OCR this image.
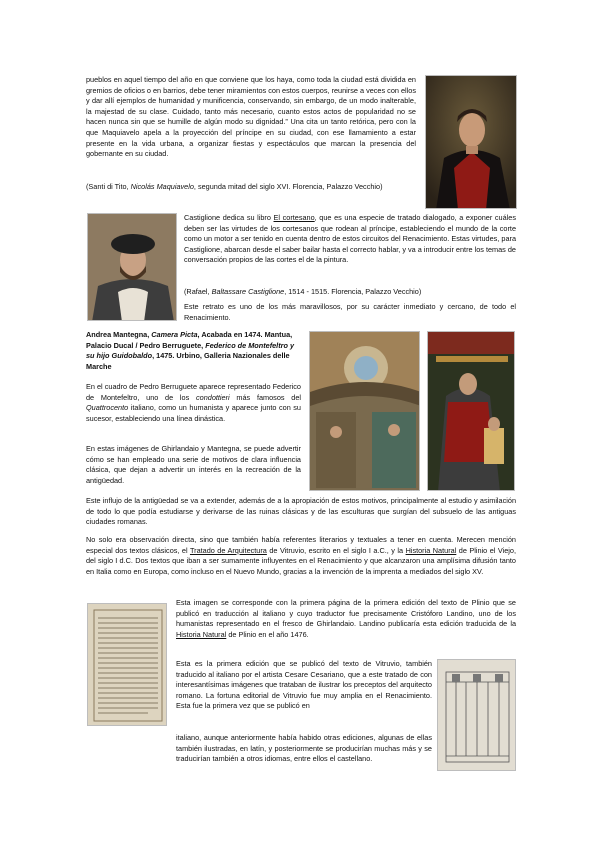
pueblos en aquel tiempo del año en que conviene que los haya, como toda la ciudad está dividida en gremios de oficios o en barrios, debe tener miramientos con estos cuerpos, reunirse a veces con ellos y dar allí ejemplos de humanidad y munificencia, conservando, sin embargo, de un modo inalterable, la majestad de su clase. Cuidado, tanto más necesario, cuanto estos actos de popularidad no se hacen nunca sin que se humille de algún modo su dignidad.” Una cita un tanto retórica, pero con la que Maquiavelo apela a la proyección del príncipe en su ciudad, con ese llamamiento a estar presente en la vida urbana, a organizar fiestas y espectáculos que marcan la presencia del gobernante en su ciudad.

(Santi di Tito, Nicolás Maquiavelo, segunda mitad del siglo XVI. Florencia, Palazzo Vecchio)

Castiglione dedica su libro El cortesano, que es una especie de tratado dialogado, a exponer cuáles deben ser las virtudes de los cortesanos que rodean al príncipe, estableciendo el mundo de la corte como un motor a ser tenido en cuenta dentro de estos circuitos del Renacimiento. Estas virtudes, para Castiglione, abarcan desde el saber bailar hasta el correcto hablar, y va a introducir entre los temas de conversación propios de las cortes el de la pintura.

(Rafael, Baltassare Castiglione, 1514 - 1515. Florencia, Palazzo Vecchio)

Este retrato es uno de los más maravillosos, por su carácter inmediato y cercano, de todo el Renacimiento.

Andrea Mantegna, Camera Picta, Acabada en 1474. Mantua, Palacio Ducal / Pedro Berruguete, Federico de Montefeltro y su hijo Guidobaldo, 1475. Urbino, Galleria Nazionales delle Marche

En el cuadro de Pedro Berruguete aparece representado Federico de Montefeltro, uno de los condottieri más famosos del Quattrocento italiano, como un humanista y aparece junto con su sucesor, estableciendo una línea dinástica.

En estas imágenes de Ghirlandaio y Mantegna, se puede advertir cómo se han empleado una serie de motivos de clara influencia clásica, que dejan a advertir un interés en la recreación de la antigüedad.

Este influjo de la antigüedad se va a extender, además de a la apropiación de estos motivos, principalmente al estudio y asimilación de todo lo que podía estudiarse y derivarse de las ruinas clásicas y de las esculturas que surgían del subsuelo de las antiguas ciudades romanas.

No solo era observación directa, sino que también había referentes literarios y textuales a tener en cuenta. Merecen mención especial dos textos clásicos, el Tratado de Arquitectura de Vitruvio, escrito en el siglo I a.C., y la Historia Natural de Plinio el Viejo, del siglo I d.C. Dos textos que iban a ser sumamente influyentes en el Renacimiento y que alcanzaron una amplísima difusión tanto en Italia como en Europa, como incluso en el Nuevo Mundo, gracias a la invención de la imprenta a mediados del siglo XV.

Esta imagen se corresponde con la primera página de la primera edición del texto de Plinio que se publicó en traducción al italiano y cuyo traductor fue precisamente Cristóforo Landino, uno de los humanistas representado en el fresco de Ghirlandaio. Landino publicaría esta edición traducida de la Historia Natural de Plinio en el año 1476.

Esta es la primera edición que se publicó del texto de Vitruvio, también traducido al italiano por el artista Cesare Cesariano, que a este tratado de con interesantísimas imágenes que trataban de ilustrar los preceptos del arquitecto romano. La fortuna editorial de Vitruvio fue muy amplia en el Renacimiento. Esta fue la primera vez que se publicó en

italiano, aunque anteriormente había habido otras ediciones, algunas de ellas también ilustradas, en latín, y posteriormente se producirían muchas más y se traducirían también a otros idiomas, entre ellos el castellano.
